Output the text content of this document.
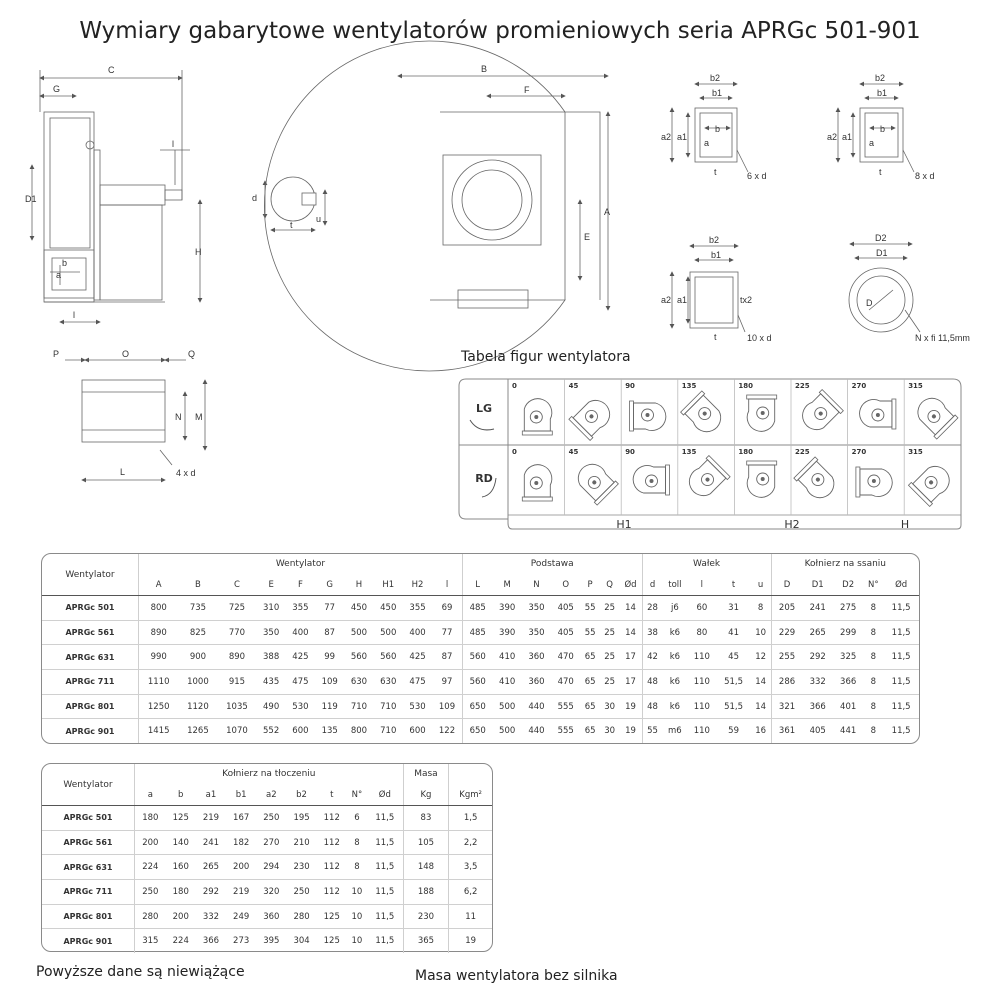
Wymiary gabarytowe wentylatorów promieniowych seria APRGc 501-901
C
G
D1
l
H
b
a
l
d
t
u
B
F
A
E
P	O	Q
N M
L	4 x d
b2
b1
a2 a1
b
a
t	6 x d
b2
b1
a2 a1
b
a
t	8 x d
b2
b1
a2 a1	tx2
t	10 x d
D2
D1
D
N x fi 11,5mm
Tabela figur wentylatora
0	45	90	135	180	225	270	315
0	45	90	135	180	225	270	315
LG
RD
H1	H2	H
Wentylator	Wentylator										Podstawa							Wałek					Kołnierz na ssaniu				
	A	B	C	E	F	G	H	H1	H2	l	L	M	N	O	P	Q	Ød	d	toll	l	t	u	D	D1	D2	N°	Ød
APRGc 501	800	735	725	310	355	77	450	450	355	69	485	390	350	405	55	25	14	28	j6	60	31	8	205	241	275	8	11,5
APRGc 561	890	825	770	350	400	87	500	500	400	77	485	390	350	405	55	25	14	38	k6	80	41	10	229	265	299	8	11,5
APRGc 631	990	900	890	388	425	99	560	560	425	87	560	410	360	470	65	25	17	42	k6	110	45	12	255	292	325	8	11,5
APRGc 711	1110	1000	915	435	475	109	630	630	475	97	560	410	360	470	65	25	17	48	k6	110	51,5	14	286	332	366	8	11,5
APRGc 801	1250	1120	1035	490	530	119	710	710	530	109	650	500	440	555	65	30	19	48	k6	110	51,5	14	321	366	401	8	11,5
APRGc 901	1415	1265	1070	552	600	135	800	710	600	122	650	500	440	555	65	30	19	55	m6	110	59	16	361	405	441	8	11,5
Wentylator	Kołnierz na tłoczeniu									Masa	
	a	b	a1	b1	a2	b2	t	N°	Ød	Kg	Kgm²
APRGc 501	180	125	219	167	250	195	112	6	11,5	83	1,5
APRGc 561	200	140	241	182	270	210	112	8	11,5	105	2,2
APRGc 631	224	160	265	200	294	230	112	8	11,5	148	3,5
APRGc 711	250	180	292	219	320	250	112	10	11,5	188	6,2
APRGc 801	280	200	332	249	360	280	125	10	11,5	230	11
APRGc 901	315	224	366	273	395	304	125	10	11,5	365	19
Powyższe dane są niewiążące	Masa wentylatora bez silnika
